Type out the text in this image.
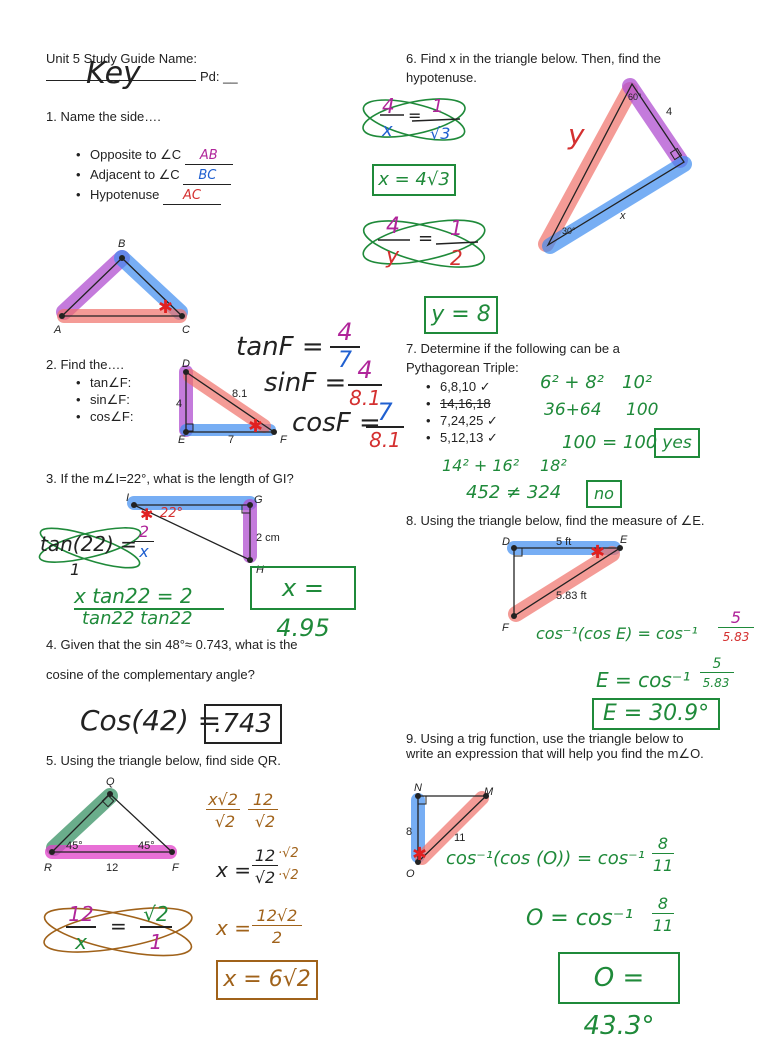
Unit 5 Study Guide Name:
Key	Pd: __
1. Name the side….
• Opposite to ∠C AB
• Adjacent to ∠C BC
• Hypotenuse AC
✱
✱
✱
✱
✱
A
B
C
2. Find the….
• tan∠F:
• sin∠F:
• cos∠F:
D
E	F
4
7
8.1
tanF = 4
7
sinF = 4
8.1
cosF =
7
8.1
3. If the m∠I=22°, what is the length of GI?
I	G
H
2 cm
22°
tan(22) =
2
x
1
x tan22 = 2
tan22 tan22
x = 4.95
4. Given that the sin 48°≈ 0.743, what is the
cosine of the complementary angle?
Cos(42) =
.743
5. Using the triangle below, find side QR.
Q
R	F
45°	45°
12
x√2 12
√2	√2
x =
12
√2
·√2
·√2
x =
12√2
2
12
x
= √2
1
x = 6√2
6. Find x in the triangle below. Then, find the
hypotenuse.
60°
4
y
x
30°
4
x
= 1
√3
x = 4√3
4
y
= 1
2
y = 8
7. Determine if the following can be a
Pythagorean Triple:
• 6,8,10 ✓
• 14,16,18
• 7,24,25 ✓
• 5,12,13 ✓
6² + 8² 10²
36+64 100
100 = 100 yes
14² + 16² 18²
452 ≠ 324	no
8. Using the triangle below, find the measure of ∠E.
D	E
F
5 ft
5.83 ft
cos⁻¹(cos E) = cos⁻¹
5
5.83
E = cos⁻¹
5
5.83
E = 30.9°
9. Using a trig function, use the triangle below to
write an expression that will help you find the m∠O.
N	M
O
8	11
cos⁻¹(cos (O)) = cos⁻¹
8
11
O = cos⁻¹
8
11
O = 43.3°
